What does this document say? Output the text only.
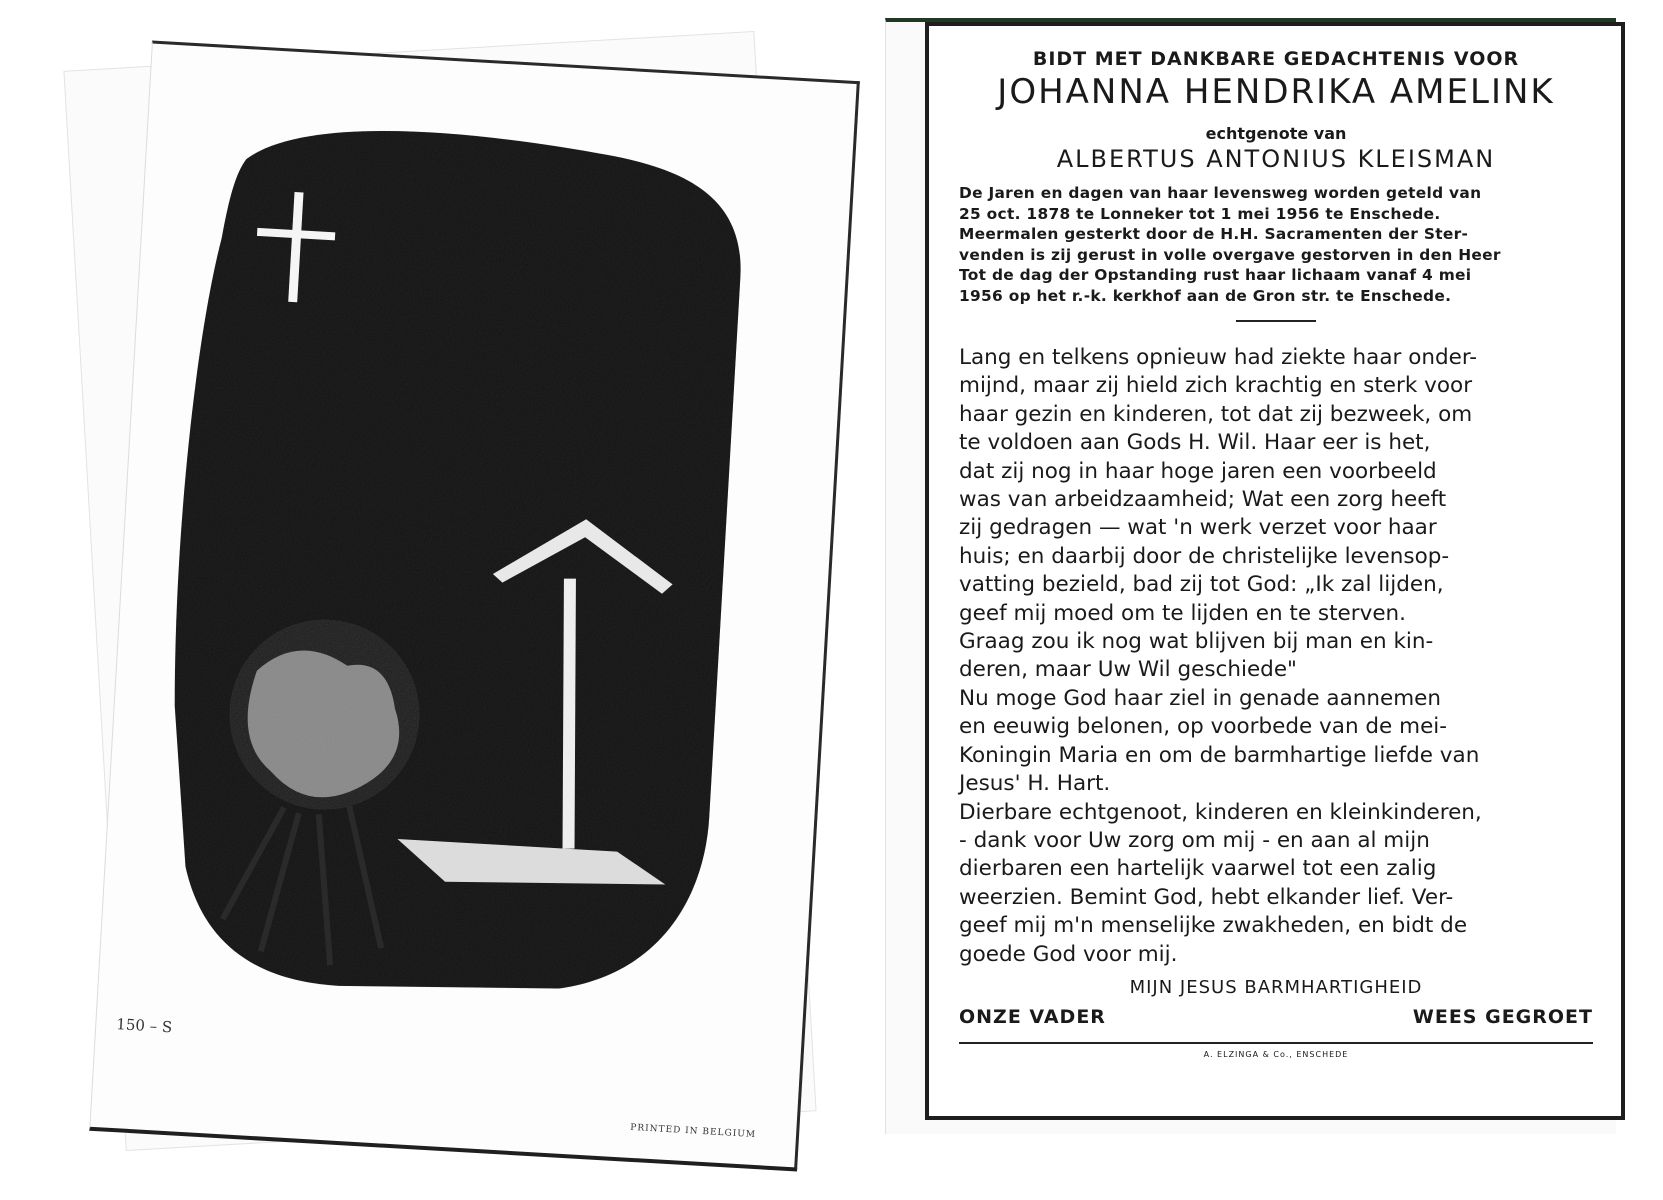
150 – S
PRINTED IN BELGIUM
BIDT MET DANKBARE GEDACHTENIS VOOR
JOHANNA HENDRIKA AMELINK
echtgenote van
ALBERTUS ANTONIUS KLEISMAN
De Jaren en dagen van haar levensweg worden geteld van
25 oct. 1878 te Lonneker tot 1 mei 1956 te Enschede.
Meermalen gesterkt door de H.H. Sacramenten der Ster-
venden is zij gerust in volle overgave gestorven in den Heer
Tot de dag der Opstanding rust haar lichaam vanaf 4 mei
1956 op het r.-k. kerkhof aan de Gron str. te Enschede.
Lang en telkens opnieuw had ziekte haar onder-
mijnd, maar zij hield zich krachtig en sterk voor
haar gezin en kinderen, tot dat zij bezweek, om
te voldoen aan Gods H. Wil. Haar eer is het,
dat zij nog in haar hoge jaren een voorbeeld
was van arbeidzaamheid; Wat een zorg heeft
zij gedragen — wat 'n werk verzet voor haar
huis; en daarbij door de christelijke levensop-
vatting bezield, bad zij tot God: „Ik zal lijden,
geef mij moed om te lijden en te sterven.
Graag zou ik nog wat blijven bij man en kin-
deren, maar Uw Wil geschiede"
Nu moge God haar ziel in genade aannemen
en eeuwig belonen, op voorbede van de mei-
Koningin Maria en om de barmhartige liefde van
Jesus' H. Hart.
Dierbare echtgenoot, kinderen en kleinkinderen,
- dank voor Uw zorg om mij - en aan al mijn
dierbaren een hartelijk vaarwel tot een zalig
weerzien. Bemint God, hebt elkander lief. Ver-
geef mij m'n menselijke zwakheden, en bidt de
goede God voor mij.
MIJN JESUS BARMHARTIGHEID
ONZE VADER	WEES GEGROET
A. ELZINGA & Co., ENSCHEDE
